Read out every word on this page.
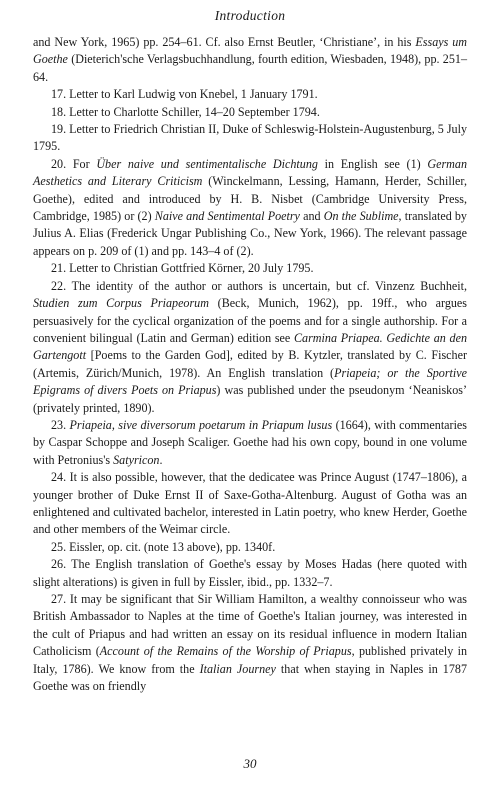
Introduction

and New York, 1965) pp. 254–61. Cf. also Ernst Beutler, ‘Christiane’, in his Essays um Goethe (Dieterich'sche Verlagsbuchhandlung, fourth edition, Wiesbaden, 1948), pp. 251–64.

17. Letter to Karl Ludwig von Knebel, 1 January 1791.

18. Letter to Charlotte Schiller, 14–20 September 1794.

19. Letter to Friedrich Christian II, Duke of Schleswig-Holstein-Augustenburg, 5 July 1795.

20. For Über naive und sentimentalische Dichtung in English see (1) German Aesthetics and Literary Criticism (Winckelmann, Lessing, Hamann, Herder, Schiller, Goethe), edited and introduced by H. B. Nisbet (Cambridge University Press, Cambridge, 1985) or (2) Naive and Sentimental Poetry and On the Sublime, translated by Julius A. Elias (Frederick Ungar Publishing Co., New York, 1966). The relevant passage appears on p. 209 of (1) and pp. 143–4 of (2).

21. Letter to Christian Gottfried Körner, 20 July 1795.

22. The identity of the author or authors is uncertain, but cf. Vinzenz Buchheit, Studien zum Corpus Priapeorum (Beck, Munich, 1962), pp. 19ff., who argues persuasively for the cyclical organization of the poems and for a single authorship. For a convenient bilingual (Latin and German) edition see Carmina Priapea. Gedichte an den Gartengott [Poems to the Garden God], edited by B. Kytzler, translated by C. Fischer (Artemis, Zürich/Munich, 1978). An English translation (Priapeia; or the Sportive Epigrams of divers Poets on Priapus) was published under the pseudonym ‘Neaniskos’ (privately printed, 1890).

23. Priapeia, sive diversorum poetarum in Priapum lusus (1664), with commentaries by Caspar Schoppe and Joseph Scaliger. Goethe had his own copy, bound in one volume with Petronius's Satyricon.

24. It is also possible, however, that the dedicatee was Prince August (1747–1806), a younger brother of Duke Ernst II of Saxe-Gotha-Altenburg. August of Gotha was an enlightened and cultivated bachelor, interested in Latin poetry, who knew Herder, Goethe and other members of the Weimar circle.

25. Eissler, op. cit. (note 13 above), pp. 1340f.

26. The English translation of Goethe's essay by Moses Hadas (here quoted with slight alterations) is given in full by Eissler, ibid., pp. 1332–7.

27. It may be significant that Sir William Hamilton, a wealthy connoisseur who was British Ambassador to Naples at the time of Goethe's Italian journey, was interested in the cult of Priapus and had written an essay on its residual influence in modern Italian Catholicism (Account of the Remains of the Worship of Priapus, published privately in Italy, 1786). We know from the Italian Journey that when staying in Naples in 1787 Goethe was on friendly

30
